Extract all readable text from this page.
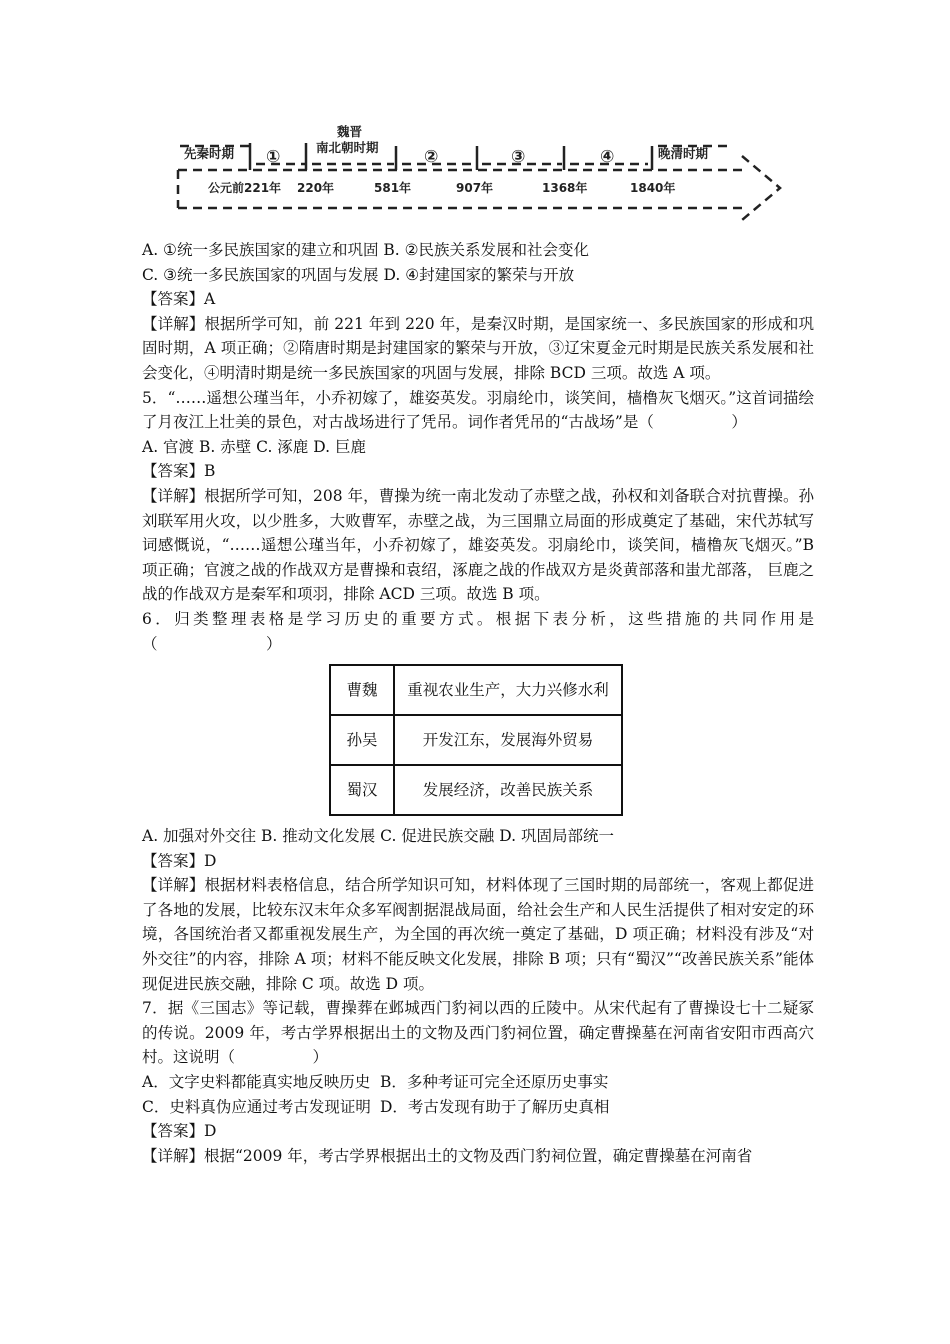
先秦时期 ①
魏晋
南北朝时期	②	③	④	晚清时期
公元前221年 220年	581年	907年	1368年	1840年
A. ①统一多民族国家的建立和巩固 B. ②民族关系发展和社会变化
C. ③统一多民族国家的巩固与发展 D. ④封建国家的繁荣与开放
【答案】A
【详解】根据所学可知，前 221 年到 220 年，是秦汉时期，是国家统一、多民族国家的形成和巩固时期，A 项正确；②隋唐时期是封建国家的繁荣与开放，③辽宋夏金元时期是民族关系发展和社会变化，④明清时期是统一多民族国家的巩固与发展，排除 BCD 三项。故选 A 项。
5．“……遥想公瑾当年，小乔初嫁了，雄姿英发。羽扇纶巾，谈笑间，樯橹灰飞烟灭。”这首词描绘了月夜江上壮美的景色，对古战场进行了凭吊。词作者凭吊的“古战场”是（　　　　　）
A. 官渡 B. 赤壁 C. 涿鹿 D. 巨鹿
【答案】B
【详解】根据所学可知，208 年，曹操为统一南北发动了赤壁之战，孙权和刘备联合对抗曹操。孙刘联军用火攻，以少胜多，大败曹军，赤壁之战，为三国鼎立局面的形成奠定了基础，宋代苏轼写词感慨说，“……遥想公瑾当年，小乔初嫁了，雄姿英发。羽扇纶巾，谈笑间，樯橹灰飞烟灭。”B 项正确；官渡之战的作战双方是曹操和袁绍，涿鹿之战的作战双方是炎黄部落和蚩尤部落， 巨鹿之战的作战双方是秦军和项羽，排除 ACD 三项。故选 B 项。
6．归类整理表格是学习历史的重要方式。根据下表分析，这些措施的共同作用是（　　　　　　　）
曹魏	重视农业生产，大力兴修水利
孙吴	开发江东，发展海外贸易
蜀汉	发展经济，改善民族关系
A. 加强对外交往 B. 推动文化发展 C. 促进民族交融 D. 巩固局部统一
【答案】D
【详解】根据材料表格信息，结合所学知识可知，材料体现了三国时期的局部统一，客观上都促进了各地的发展，比较东汉末年众多军阀割据混战局面，给社会生产和人民生活提供了相对安定的环境，各国统治者又都重视发展生产，为全国的再次统一奠定了基础，D 项正确；材料没有涉及“对外交往”的内容，排除 A 项；材料不能反映文化发展，排除 B 项；只有“蜀汉”“改善民族关系”能体现促进民族交融，排除 C 项。故选 D 项。
7．据《三国志》等记载，曹操葬在邺城西门豹祠以西的丘陵中。从宋代起有了曹操设七十二疑冢的传说。2009 年，考古学界根据出土的文物及西门豹祠位置，确定曹操墓在河南省安阳市西高穴村。这说明（　　　　　）
A．文字史料都能真实地反映历史 B．多种考证可完全还原历史事实
C．史料真伪应通过考古发现证明 D．考古发现有助于了解历史真相
【答案】D
【详解】根据“2009 年，考古学界根据出土的文物及西门豹祠位置，确定曹操墓在河南省
